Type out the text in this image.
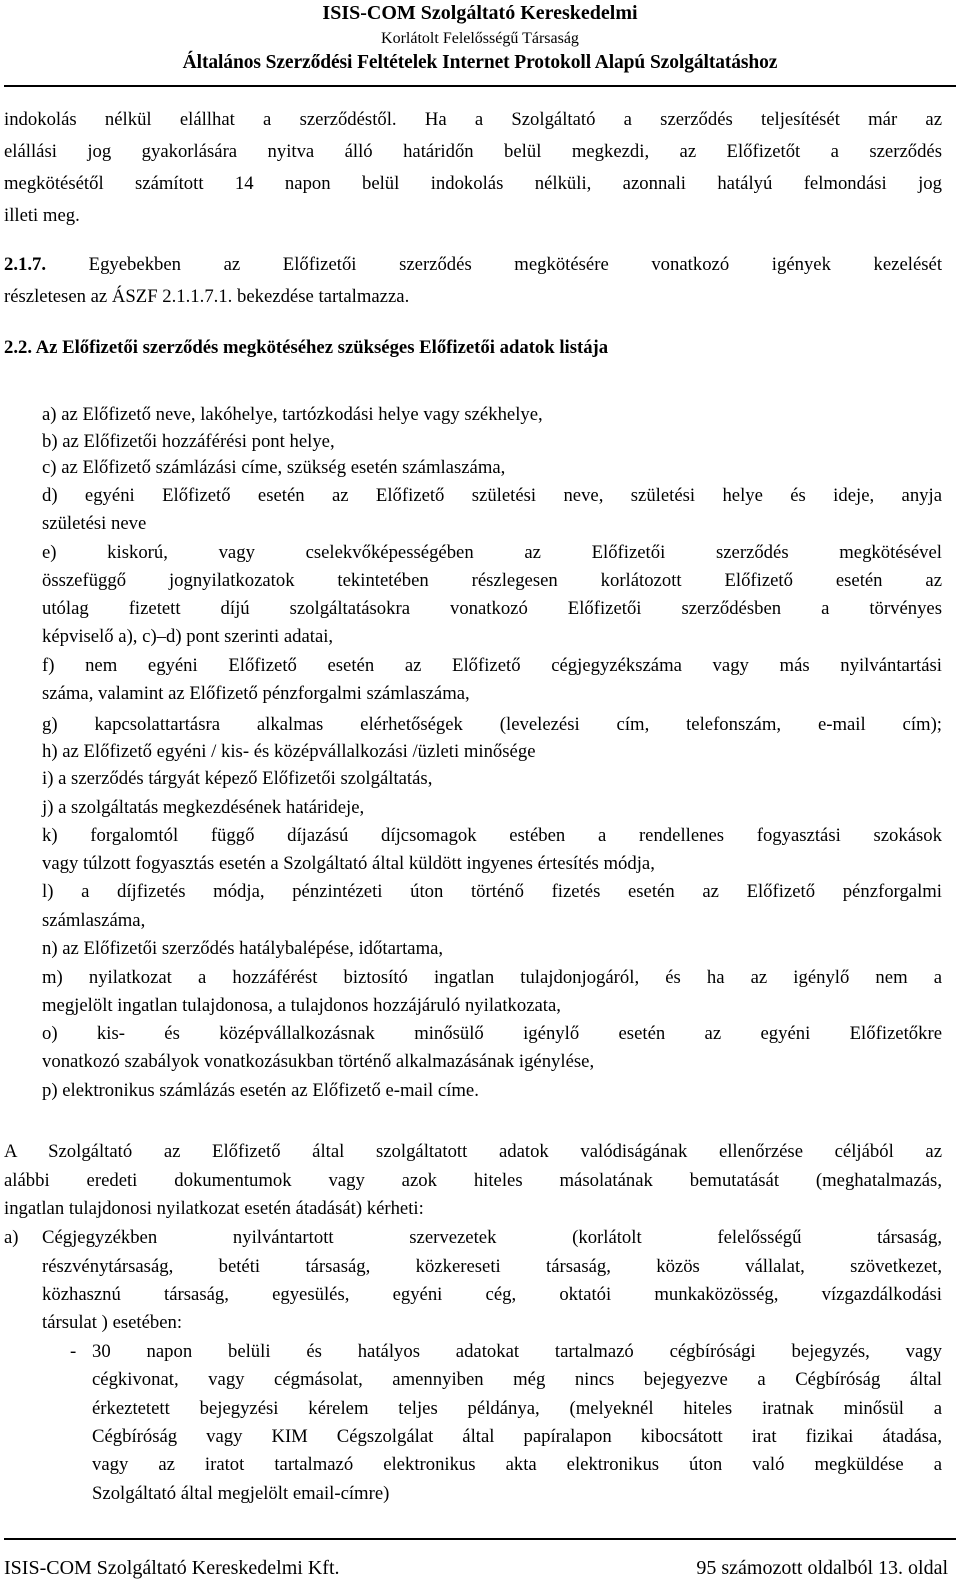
ISIS-COM Szolgáltató Kereskedelmi
Korlátolt Felelősségű Társaság
Általános Szerződési Feltételek Internet Protokoll Alapú Szolgáltatáshoz
indokolás nélkül elállhat a szerződéstől. Ha a Szolgáltató a szerződés teljesítését már az
elállási jog gyakorlására nyitva álló határidőn belül megkezdi, az Előfizetőt a szerződés
megkötésétől számított 14 napon belül indokolás nélküli, azonnali hatályú felmondási jog
illeti meg.
2.1.7. Egyebekben az Előfizetői szerződés megkötésére vonatkozó igények kezelését
részletesen az ÁSZF 2.1.1.7.1. bekezdése tartalmazza.
2.2. Az Előfizetői szerződés megkötéséhez szükséges Előfizetői adatok listája
a) az Előfizető neve, lakóhelye, tartózkodási helye vagy székhelye,
b) az Előfizetői hozzáférési pont helye,
c) az Előfizető számlázási címe, szükség esetén számlaszáma,
d) egyéni Előfizető esetén az Előfizető születési neve, születési helye és ideje, anyja
születési neve
e) kiskorú, vagy cselekvőképességében az Előfizetői szerződés megkötésével
összefüggő jognyilatkozatok tekintetében részlegesen korlátozott Előfizető esetén az
utólag fizetett díjú szolgáltatásokra vonatkozó Előfizetői szerződésben a törvényes
képviselő a), c)–d) pont szerinti adatai,
f) nem egyéni Előfizető esetén az Előfizető cégjegyzékszáma vagy más nyilvántartási
száma, valamint az Előfizető pénzforgalmi számlaszáma,
g) kapcsolattartásra alkalmas elérhetőségek (levelezési cím, telefonszám, e-mail cím);
h) az Előfizető egyéni / kis- és középvállalkozási /üzleti minősége
i) a szerződés tárgyát képező Előfizetői szolgáltatás,
j) a szolgáltatás megkezdésének határideje,
k) forgalomtól függő díjazású díjcsomagok estében a rendellenes fogyasztási szokások
vagy túlzott fogyasztás esetén a Szolgáltató által küldött ingyenes értesítés módja,
l) a díjfizetés módja, pénzintézeti úton történő fizetés esetén az Előfizető pénzforgalmi
számlaszáma,
n) az Előfizetői szerződés hatálybalépése, időtartama,
m) nyilatkozat a hozzáférést biztosító ingatlan tulajdonjogáról, és ha az igénylő nem a
megjelölt ingatlan tulajdonosa, a tulajdonos hozzájáruló nyilatkozata,
o) kis- és középvállalkozásnak minősülő igénylő esetén az egyéni Előfizetőkre
vonatkozó szabályok vonatkozásukban történő alkalmazásának igénylése,
p) elektronikus számlázás esetén az Előfizető e-mail címe.
A Szolgáltató az Előfizető által szolgáltatott adatok valódiságának ellenőrzése céljából az
alábbi eredeti dokumentumok vagy azok hiteles másolatának bemutatását (meghatalmazás,
ingatlan tulajdonosi nyilatkozat esetén átadását) kérheti:
a)	Cégjegyzékben nyilvántartott szervezetek (korlátolt felelősségű társaság,
részvénytársaság, betéti társaság, közkereseti társaság, közös vállalat, szövetkezet,
közhasznú társaság, egyesülés, egyéni cég, oktatói munkaközösség, vízgazdálkodási
társulat ) esetében:
- 30 napon belüli és hatályos adatokat tartalmazó cégbírósági bejegyzés, vagy
cégkivonat, vagy cégmásolat, amennyiben még nincs bejegyezve a Cégbíróság által
érkeztetett bejegyzési kérelem teljes példánya, (melyeknél hiteles iratnak minősül a
Cégbíróság vagy KIM Cégszolgálat által papíralapon kibocsátott irat fizikai átadása,
vagy az iratot tartalmazó elektronikus akta elektronikus úton való megküldése a
Szolgáltató által megjelölt email-címre)
ISIS-COM Szolgáltató Kereskedelmi Kft.	95 számozott oldalból 13. oldal
